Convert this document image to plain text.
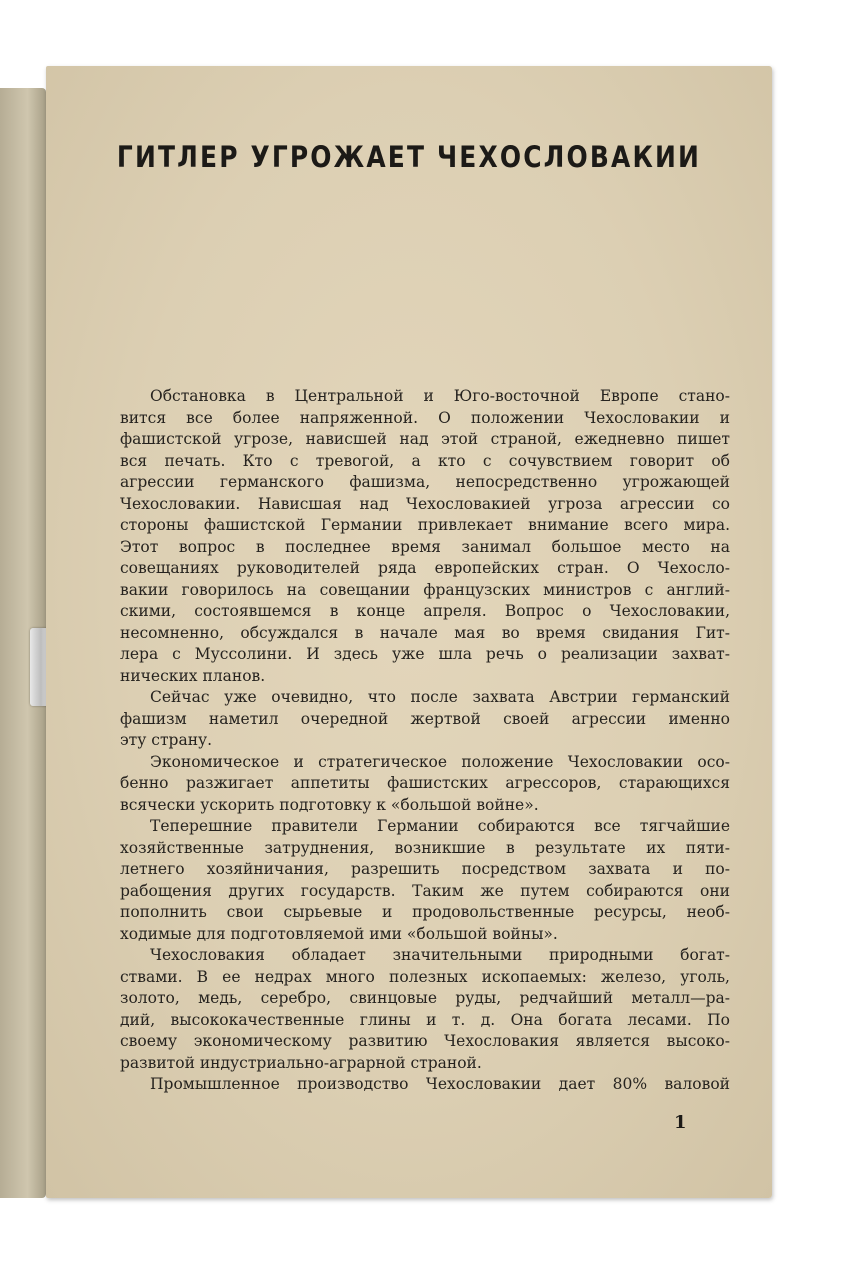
ГИТЛЕР УГРОЖАЕТ ЧЕХОСЛОВАКИИ
Обстановка в Центральной и Юго-восточной Европе стано-
вится все более напряженной. О положении Чехословакии и
фашистской угрозе, нависшей над этой страной, ежедневно пишет
вся печать. Кто с тревогой, а кто с сочувствием говорит об
агрессии германского фашизма, непосредственно угрожающей
Чехословакии. Нависшая над Чехословакией угроза агрессии со
стороны фашистской Германии привлекает внимание всего мира.
Этот вопрос в последнее время занимал большое место на
совещаниях руководителей ряда европейских стран. О Чехосло-
вакии говорилось на совещании французских министров с англий-
скими, состоявшемся в конце апреля. Вопрос о Чехословакии,
несомненно, обсуждался в начале мая во время свидания Гит-
лера с Муссолини. И здесь уже шла речь о реализации захват-
нических планов.
Сейчас уже очевидно, что после захвата Австрии германский
фашизм наметил очередной жертвой своей агрессии именно
эту страну.
Экономическое и стратегическое положение Чехословакии осо-
бенно разжигает аппетиты фашистских агрессоров, старающихся
всячески ускорить подготовку к «большой войне».
Теперешние правители Германии собираются все тягчайшие
хозяйственные затруднения, возникшие в результате их пяти-
летнего хозяйничания, разрешить посредством захвата и по-
рабощения других государств. Таким же путем собираются они
пополнить свои сырьевые и продовольственные ресурсы, необ-
ходимые для подготовляемой ими «большой войны».
Чехословакия обладает значительными природными богат-
ствами. В ее недрах много полезных ископаемых: железо, уголь,
золото, медь, серебро, свинцовые руды, редчайший металл—ра-
дий, высококачественные глины и т. д. Она богата лесами. По
своему экономическому развитию Чехословакия является высоко-
развитой индустриально-аграрной страной.
Промышленное производство Чехословакии дает 80% валовой
1
